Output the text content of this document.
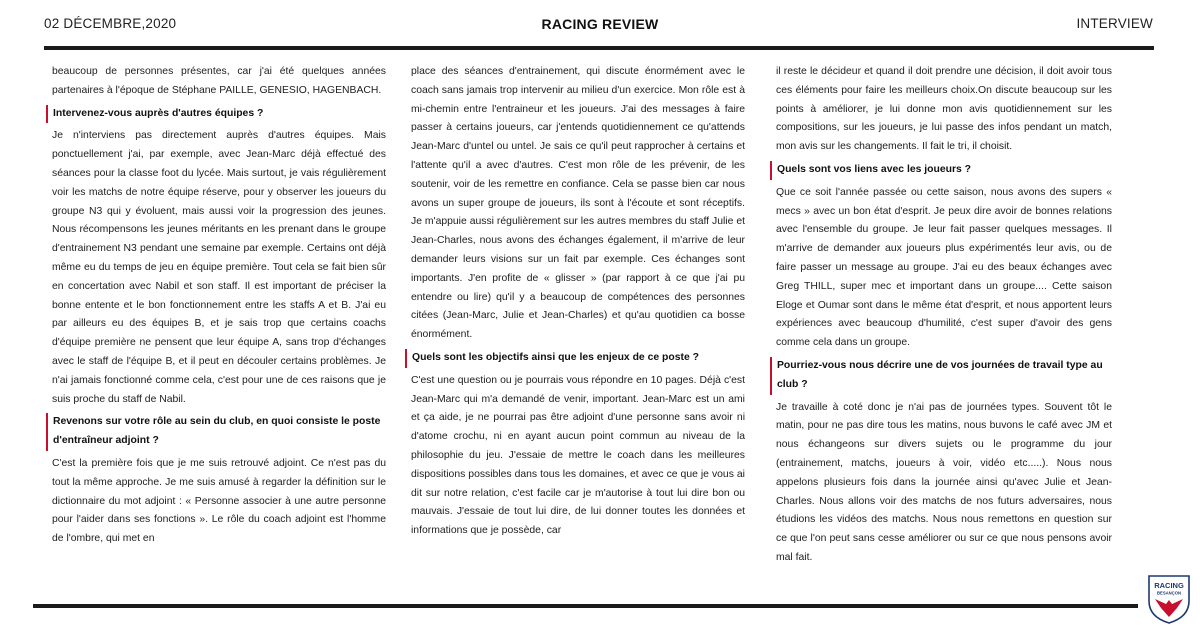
02 DÉCEMBRE,2020	RACING REVIEW	INTERVIEW

beaucoup de personnes présentes, car j'ai été quelques années partenaires à l'époque de Stéphane PAILLE, GENESIO, HAGENBACH.

Intervenez-vous auprès d'autres équipes ?

Je n'interviens pas directement auprès d'autres équipes. Mais ponctuellement j'ai, par exemple, avec Jean-Marc déjà effectué des séances pour la classe foot du lycée. Mais surtout, je vais régulièrement voir les matchs de notre équipe réserve, pour y observer les joueurs du groupe N3 qui y évoluent, mais aussi voir la progression des jeunes. Nous récompensons les jeunes méritants en les prenant dans le groupe d'entrainement N3 pendant une semaine par exemple. Certains ont déjà même eu du temps de jeu en équipe première. Tout cela se fait bien sûr en concertation avec Nabil et son staff. Il est important de préciser la bonne entente et le bon fonctionnement entre les staffs A et B. J'ai eu par ailleurs eu des équipes B, et je sais trop que certains coachs d'équipe première ne pensent que leur équipe A, sans trop d'échanges avec le staff de l'équipe B, et il peut en découler certains problèmes. Je n'ai jamais fonctionné comme cela, c'est pour une de ces raisons que je suis proche du staff de Nabil.

Revenons sur votre rôle au sein du club, en quoi consiste le poste d'entraîneur adjoint ?

C'est la première fois que je me suis retrouvé adjoint. Ce n'est pas du tout la même approche. Je me suis amusé à regarder la définition sur le dictionnaire du mot adjoint : « Personne associer à une autre personne pour l'aider dans ses fonctions ». Le rôle du coach adjoint est l'homme de l'ombre, qui met en

place des séances d'entrainement, qui discute énormément avec le coach sans jamais trop intervenir au milieu d'un exercice. Mon rôle est à mi-chemin entre l'entraineur et les joueurs. J'ai des messages à faire passer à certains joueurs, car j'entends quotidiennement ce qu'attends Jean-Marc d'untel ou untel. Je sais ce qu'il peut rapprocher à certains et l'attente qu'il a avec d'autres. C'est mon rôle de les prévenir, de les soutenir, voir de les remettre en confiance. Cela se passe bien car nous avons un super groupe de joueurs, ils sont à l'écoute et sont réceptifs. Je m'appuie aussi régulièrement sur les autres membres du staff Julie et Jean-Charles, nous avons des échanges également, il m'arrive de leur demander leurs visions sur un fait par exemple. Ces échanges sont importants. J'en profite de « glisser » (par rapport à ce que j'ai pu entendre ou lire) qu'il y a beaucoup de compétences des personnes citées (Jean-Marc, Julie et Jean-Charles) et qu'au quotidien ca bosse énormément.

Quels sont les objectifs ainsi que les enjeux de ce poste ?

C'est une question ou je pourrais vous répondre en 10 pages. Déjà c'est Jean-Marc qui m'a demandé de venir, important. Jean-Marc est un ami et ça aide, je ne pourrai pas être adjoint d'une personne sans avoir ni d'atome crochu, ni en ayant aucun point commun au niveau de la philosophie du jeu. J'essaie de mettre le coach dans les meilleures dispositions possibles dans tous les domaines, et avec ce que je vous ai dit sur notre relation, c'est facile car je m'autorise à tout lui dire bon ou mauvais. J'essaie de tout lui dire, de lui donner toutes les données et informations que je possède, car

il reste le décideur et quand il doit prendre une décision, il doit avoir tous ces éléments pour faire les meilleurs choix.On discute beaucoup sur les points à améliorer, je lui donne mon avis quotidiennement sur les compositions, sur les joueurs, je lui passe des infos pendant un match, mon avis sur les changements. Il fait le tri, il choisit.

Quels sont vos liens avec les joueurs ?

Que ce soit l'année passée ou cette saison, nous avons des supers « mecs » avec un bon état d'esprit. Je peux dire avoir de bonnes relations avec l'ensemble du groupe. Je leur fait passer quelques messages. Il m'arrive de demander aux joueurs plus expérimentés leur avis, ou de faire passer un message au groupe. J'ai eu des beaux échanges avec Greg THILL, super mec et important dans un groupe.... Cette saison Eloge et Oumar sont dans le même état d'esprit, et nous apportent leurs expériences avec beaucoup d'humilité, c'est super d'avoir des gens comme cela dans un groupe.

Pourriez-vous nous décrire une de vos journées de travail type au club ?

Je travaille à coté donc je n'ai pas de journées types. Souvent tôt le matin, pour ne pas dire tous les matins, nous buvons le café avec JM et nous échangeons sur divers sujets ou le programme du jour (entrainement, matchs, joueurs à voir, vidéo etc.....). Nous nous appelons plusieurs fois dans la journée ainsi qu'avec Julie et Jean-Charles. Nous allons voir des matchs de nos futurs adversaires, nous étudions les vidéos des matchs. Nous nous remettons en question sur ce que l'on peut sans cesse améliorer ou sur ce que nous pensons avoir mal fait.

RACING
BESANÇON
